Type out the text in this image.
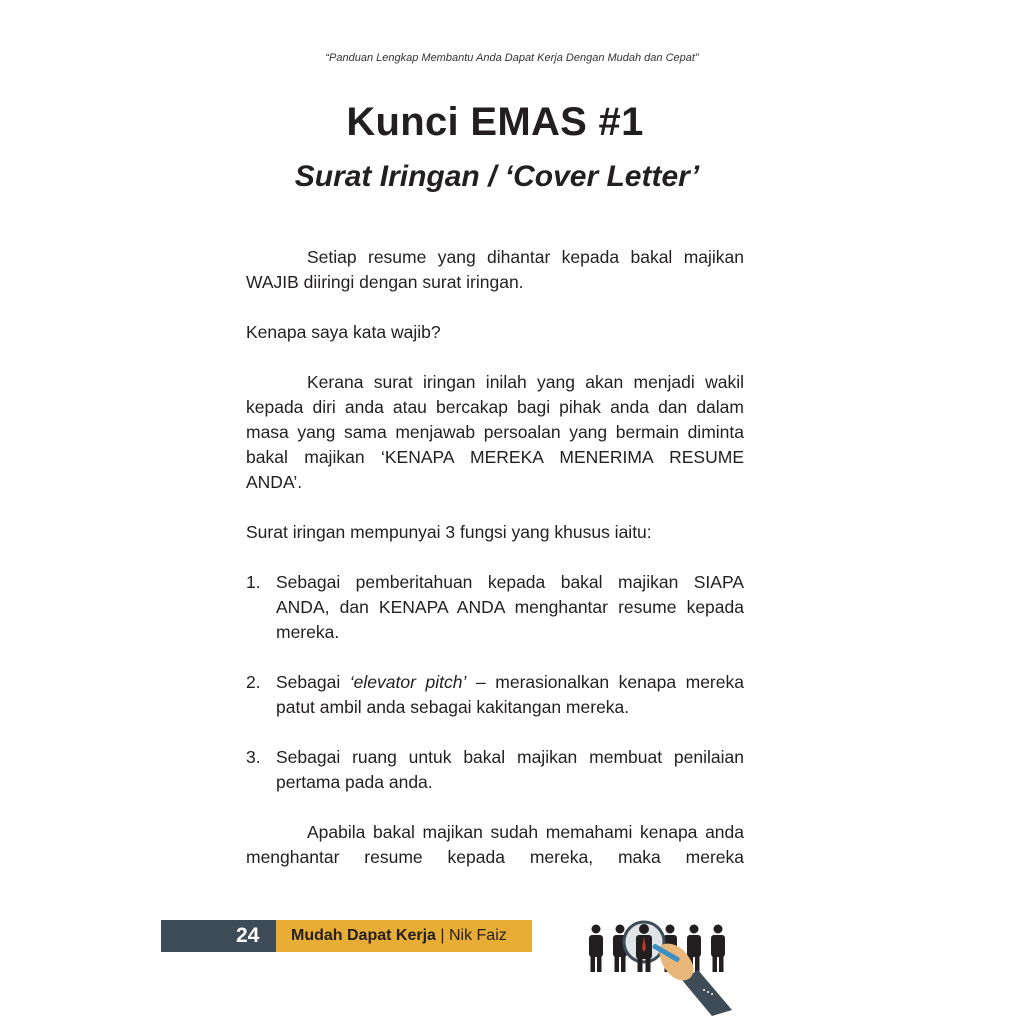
“Panduan Lengkap Membantu Anda Dapat Kerja Dengan Mudah dan Cepat”
Kunci EMAS #1
Surat Iringan / ‘Cover Letter’

Setiap resume yang dihantar kepada bakal majikan WAJIB diiringi dengan surat iringan.

Kenapa saya kata wajib?

Kerana surat iringan inilah yang akan menjadi wakil kepada diri anda atau bercakap bagi pihak anda dan dalam masa yang sama menjawab persoalan yang bermain diminta bakal majikan ‘KENAPA MEREKA MENERIMA RESUME ANDA’.

Surat iringan mempunyai 3 fungsi yang khusus iaitu:

1. Sebagai pemberitahuan kepada bakal majikan SIAPA ANDA, dan KENAPA ANDA menghantar resume kepada mereka.
2. Sebagai ‘elevator pitch’ – merasionalkan kenapa mereka patut ambil anda sebagai kakitangan mereka.
3. Sebagai ruang untuk bakal majikan membuat penilaian pertama pada anda.

Apabila bakal majikan sudah memahami kenapa anda menghantar resume kepada mereka, maka mereka

24 Mudah Dapat Kerja | Nik Faiz
